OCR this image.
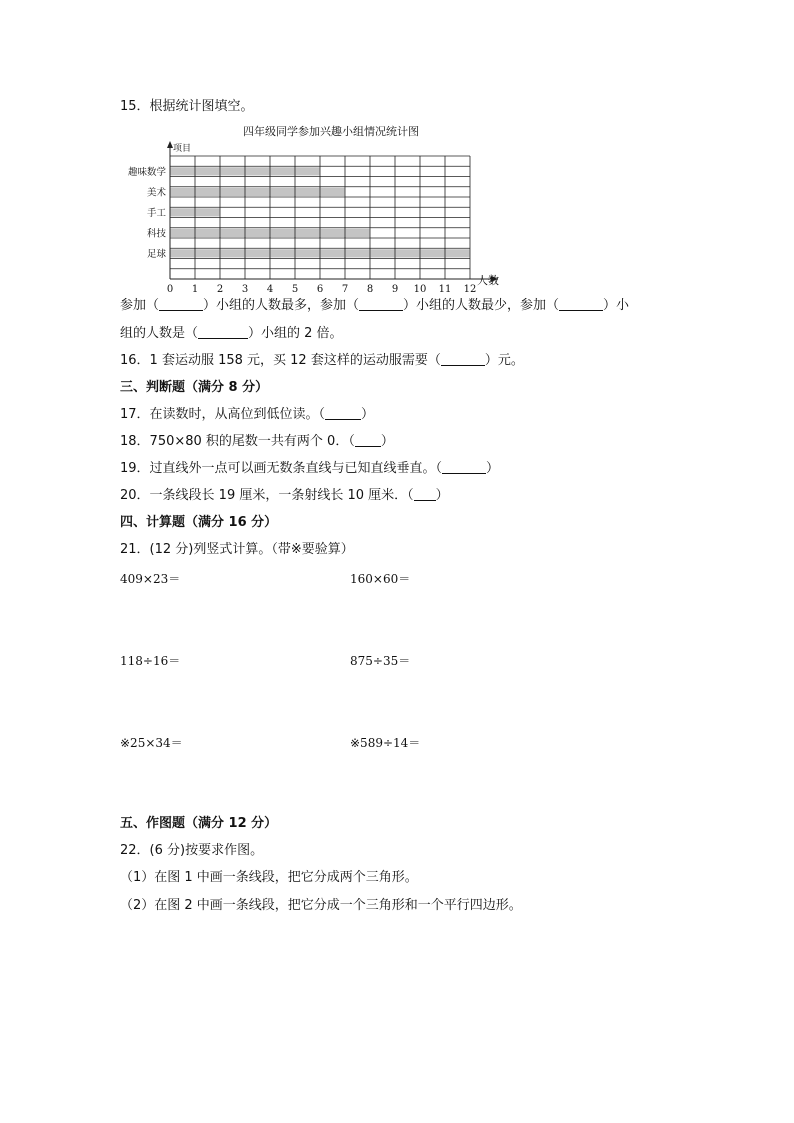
15．根据统计图填空。
四年级同学参加兴趣小组情况统计图
项目
趣味数学
美术
手工
科技
足球
0 1 2 3 4 5 6 7 8 9 10 11 12
人数
参加（	）小组的人数最多，参加（	）小组的人数最少，参加（	）小
组的人数是（	）小组的 2 倍。
16．1 套运动服 158 元，买 12 套这样的运动服需要（	）元。
三、判断题（满分 8 分）
17．在读数时，从高位到低位读。（	）
18．750×80 积的尾数一共有两个 0．（ ）
19．过直线外一点可以画无数条直线与已知直线垂直。（	）
20．一条线段长 19 厘米，一条射线长 10 厘米．（ ）
四、计算题（满分 16 分）
21．(12 分)列竖式计算。（带※要验算）
409×23＝	160×60＝
118÷16＝	875÷35＝
※25×34＝	※589÷14＝
五、作图题（满分 12 分）
22．(6 分)按要求作图。
（1）在图 1 中画一条线段，把它分成两个三角形。
（2）在图 2 中画一条线段，把它分成一个三角形和一个平行四边形。
